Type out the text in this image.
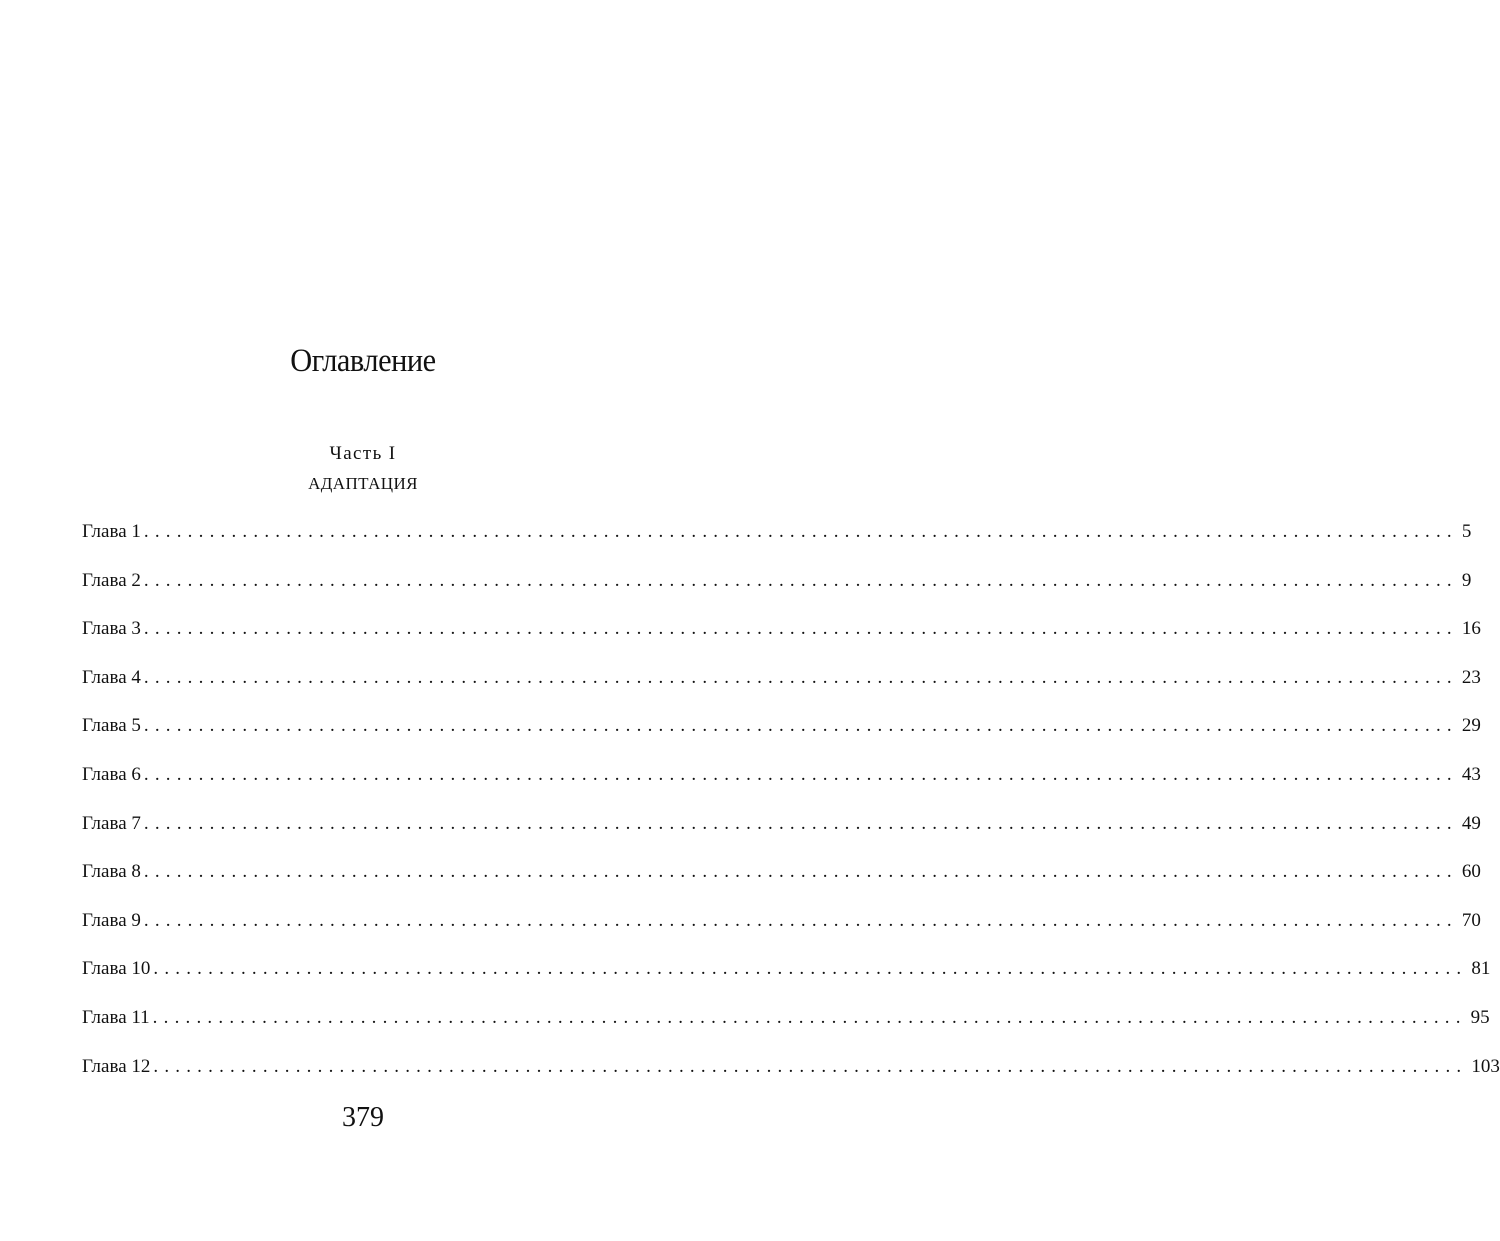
Оглавление
Часть I
АДАПТАЦИЯ
Глава 1 ........................................................................................................................ 5
Глава 2 ........................................................................................................................ 9
Глава 3 ........................................................................................................................ 16
Глава 4 ........................................................................................................................ 23
Глава 5 ........................................................................................................................ 29
Глава 6 ........................................................................................................................ 43
Глава 7 ........................................................................................................................ 49
Глава 8 ........................................................................................................................ 60
Глава 9 ........................................................................................................................ 70
Глава 10 ........................................................................................................................ 81
Глава 11 ........................................................................................................................ 95
Глава 12 ........................................................................................................................ 103
379
